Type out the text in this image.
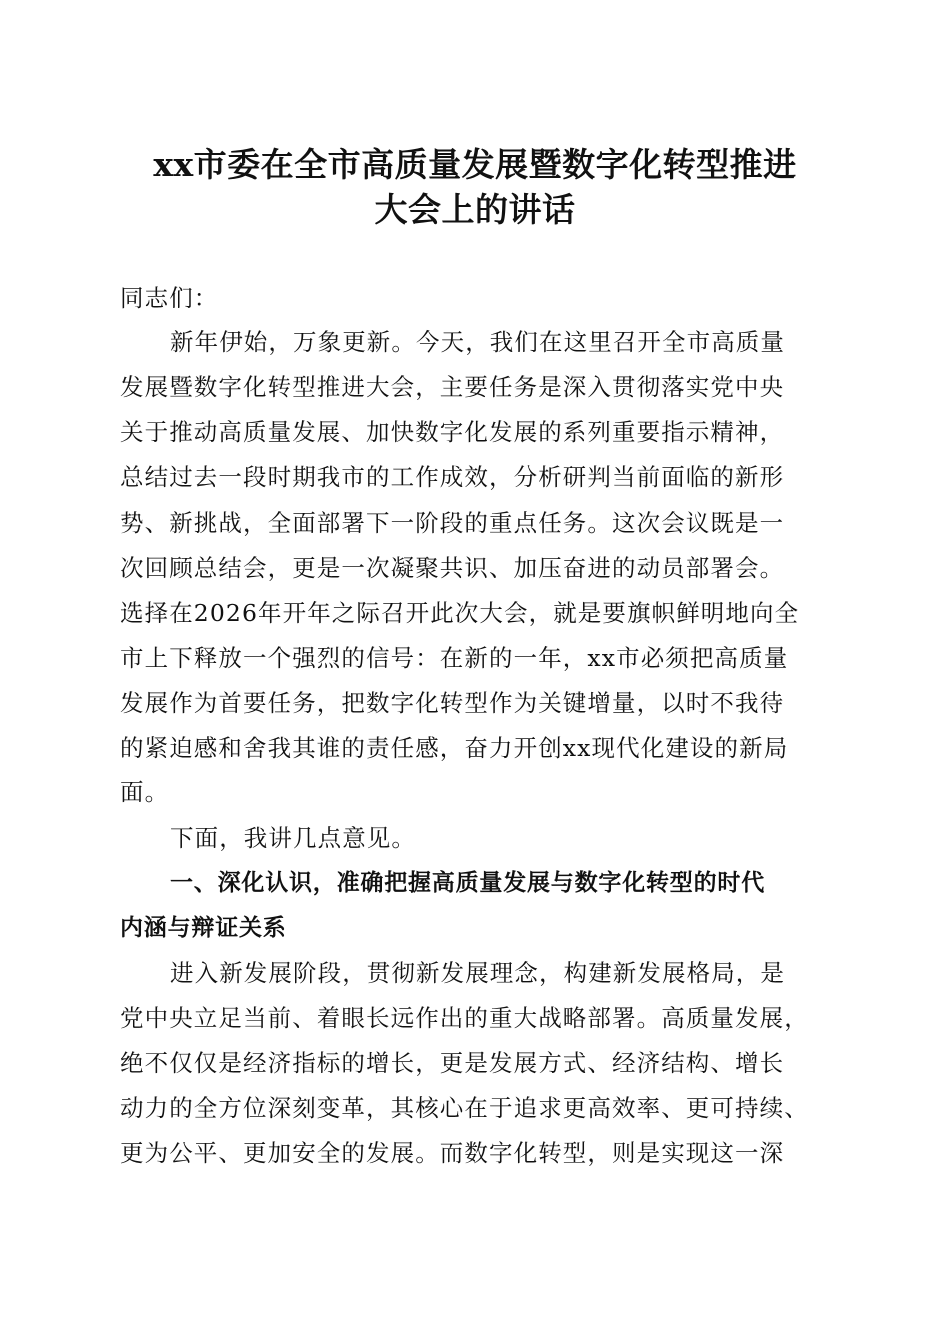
xx市委在全市高质量发展暨数字化转型推进
大会上的讲话
同志们：
新年伊始，万象更新。今天，我们在这里召开全市高质量
发展暨数字化转型推进大会，主要任务是深入贯彻落实党中央
关于推动高质量发展、加快数字化发展的系列重要指示精神，
总结过去一段时期我市的工作成效，分析研判当前面临的新形
势、新挑战，全面部署下一阶段的重点任务。这次会议既是一
次回顾总结会，更是一次凝聚共识、加压奋进的动员部署会。
选择在2026年开年之际召开此次大会，就是要旗帜鲜明地向全
市上下释放一个强烈的信号：在新的一年，xx市必须把高质量
发展作为首要任务，把数字化转型作为关键增量，以时不我待
的紧迫感和舍我其谁的责任感，奋力开创xx现代化建设的新局
面。
下面，我讲几点意见。
一、深化认识，准确把握高质量发展与数字化转型的时代
内涵与辩证关系
进入新发展阶段，贯彻新发展理念，构建新发展格局，是
党中央立足当前、着眼长远作出的重大战略部署。高质量发展，
绝不仅仅是经济指标的增长，更是发展方式、经济结构、增长
动力的全方位深刻变革，其核心在于追求更高效率、更可持续、
更为公平、更加安全的发展。而数字化转型，则是实现这一深
